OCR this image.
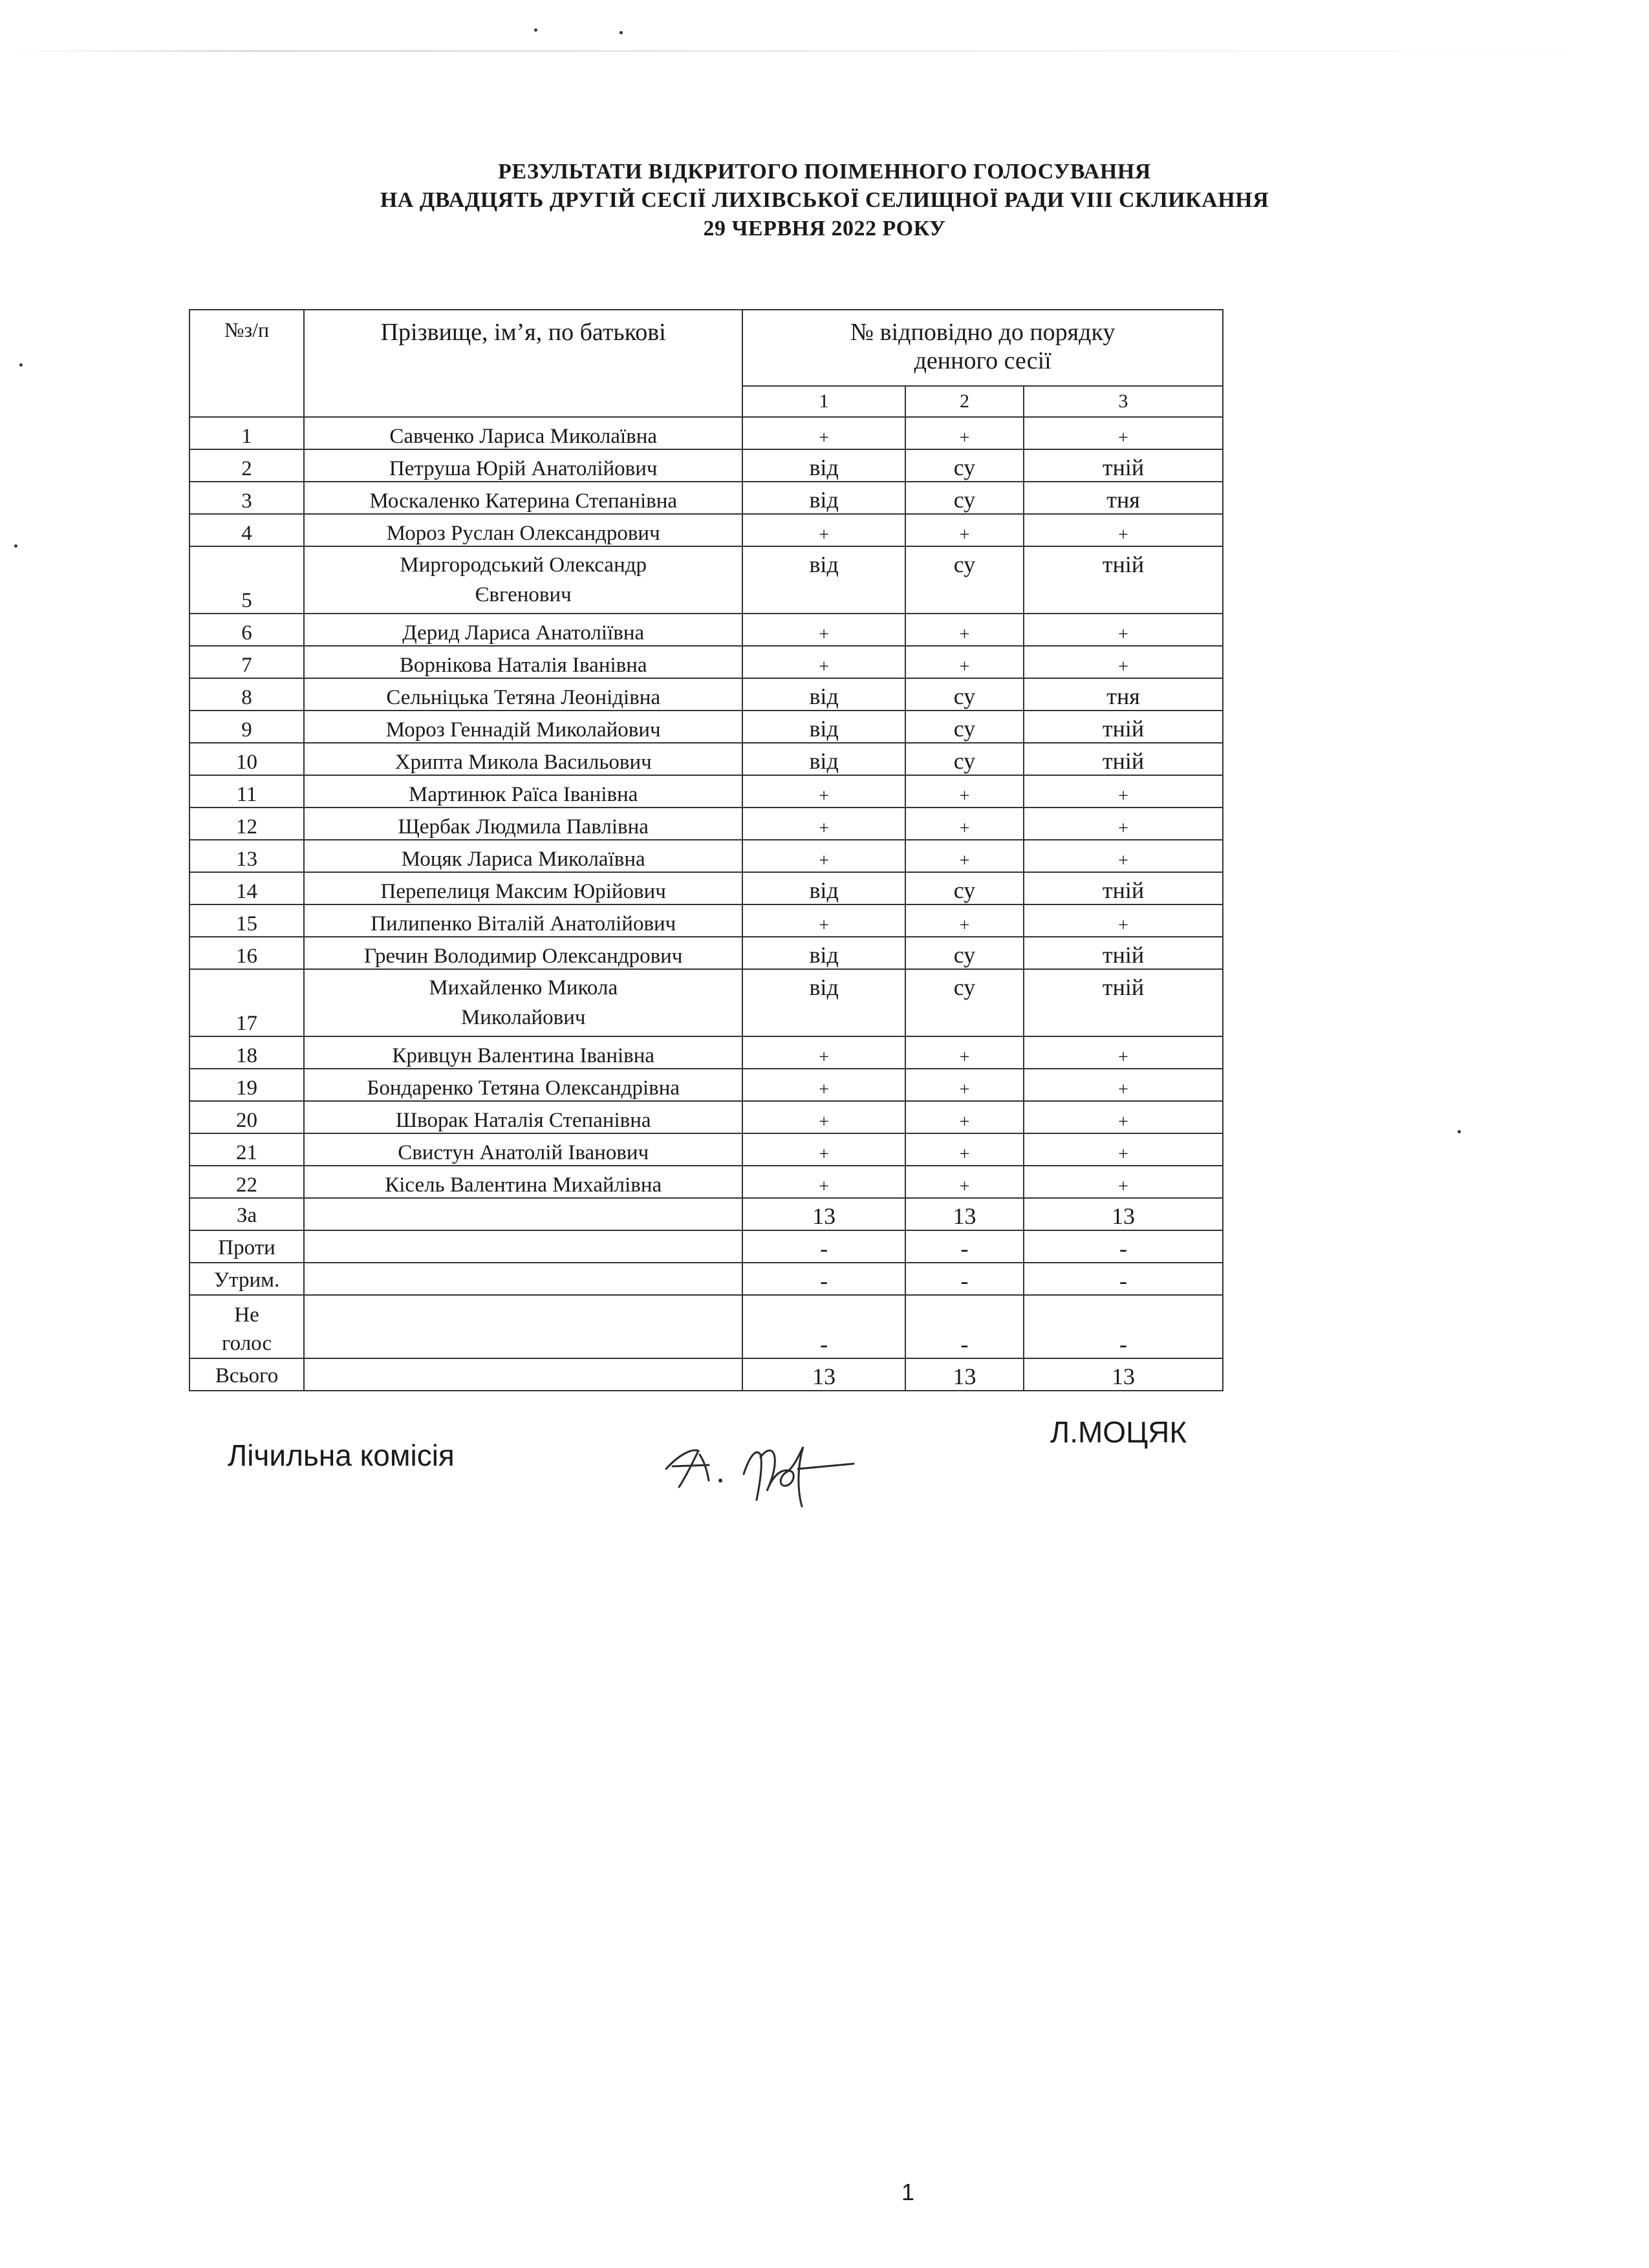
РЕЗУЛЬТАТИ ВІДКРИТОГО ПОІМЕННОГО ГОЛОСУВАННЯ
НА ДВАДЦЯТЬ ДРУГІЙ СЕСІЇ ЛИХІВСЬКОЇ СЕЛИЩНОЇ РАДИ VIII СКЛИКАННЯ
29 ЧЕРВНЯ 2022 РОКУ
№з/п	Прізвище, ім’я, по батькові	№ відповідно до порядку
денного сесії		

		1	2	3
1	Савченко Лариса Миколаївна	+	+	+
2	Петруша Юрій Анатолійович	від	су	тній
3	Москаленко Катерина Степанівна	від	су	тня
4	Мороз Руслан Олександрович	+	+	+
5	Миргородський Олександр
Євгенович	від	су	тній
6	Дерид Лариса Анатоліївна	+	+	+
7	Ворнікова Наталія Іванівна	+	+	+
8	Сельніцька Тетяна Леонідівна	від	су	тня
9	Мороз Геннадій Миколайович	від	су	тній
10	Хрипта Микола Васильович	від	су	тній
11	Мартинюк Раїса Іванівна	+	+	+
12	Щербак Людмила Павлівна	+	+	+
13	Моцяк Лариса Миколаївна	+	+	+
14	Перепелиця Максим Юрійович	від	су	тній
15	Пилипенко Віталій Анатолійович	+	+	+
16	Гречин Володимир Олександрович	від	су	тній
17	Михайленко Микола
Миколайович	від	су	тній
18	Кривцун Валентина Іванівна	+	+	+
19	Бондаренко Тетяна Олександрівна	+	+	+
20	Шворак Наталія Степанівна	+	+	+
21	Свистун Анатолій Іванович	+	+	+
22	Кісель Валентина Михайлівна	+	+	+
За		13	13	13
Проти		-	-	-
Утрим.		-	-	-

Не
голос		-	-	-
Всього		13	13	13
Лічильна комісія
Л.МОЦЯК
1
